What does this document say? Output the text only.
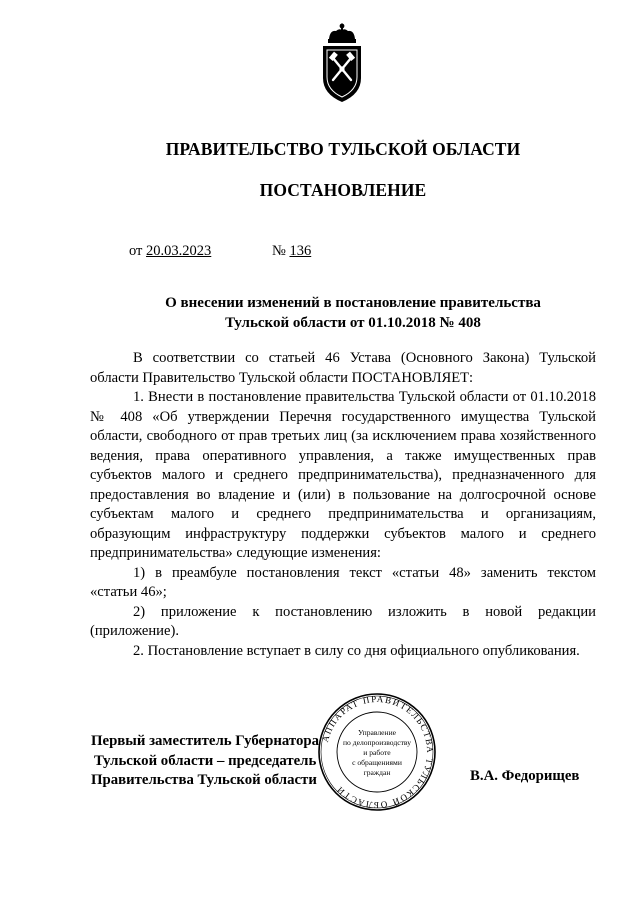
ПРАВИТЕЛЬСТВО ТУЛЬСКОЙ ОБЛАСТИ
ПОСТАНОВЛЕНИЕ
от 20.03.2023	№ 136
О внесении изменений в постановление правительства
Тульской области от 01.10.2018 № 408

В соответствии со статьей 46 Устава (Основного Закона) Тульской области Правительство Тульской области ПОСТАНОВЛЯЕТ:

1. Внести в постановление правительства Тульской области от 01.10.2018 № 408 «Об утверждении Перечня государственного имущества Тульской области, свободного от прав третьих лиц (за исключением права хозяйственного ведения, права оперативного управления, а также имущественных прав субъектов малого и среднего предпринимательства), предназначенного для предоставления во владение и (или) в пользование на долгосрочной основе субъектам малого и среднего предпринимательства и организациям, образующим инфраструктуру поддержки субъектов малого и среднего предпринимательства» следующие изменения:

1) в преамбуле постановления текст «статьи 48» заменить текстом «статьи 46»;

2) приложение к постановлению изложить в новой редакции (приложение).

2. Постановление вступает в силу со дня официального опубликования.

Первый заместитель Губернатора
Тульской области – председатель
Правительства Тульской области	В.А. Федорищев
АППАРАТ ПРАВИТЕЛЬСТВА ТУЛЬСКОЙ ОБЛАСТИ
Управление
по делопроизводству
и работе
с обращениями
граждан
